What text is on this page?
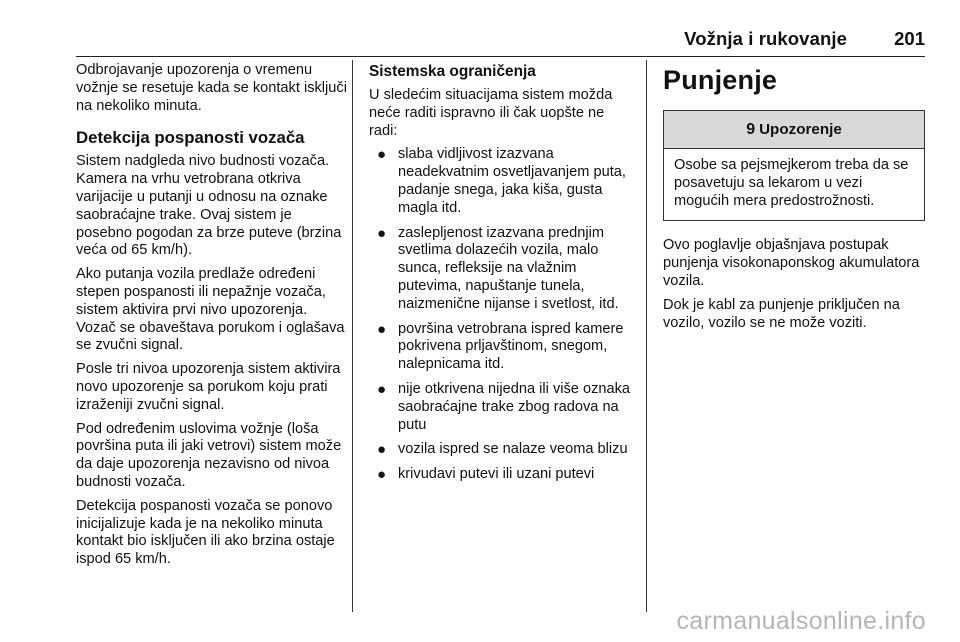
Vožnja i rukovanje	201

Odbrojavanje upozorenja o vremenu vožnje se resetuje kada se kontakt isključi na nekoliko minuta.

Detekcija pospanosti vozača

Sistem nadgleda nivo budnosti vozača. Kamera na vrhu vetrobrana otkriva varijacije u putanji u odnosu na oznake saobraćajne trake. Ovaj sistem je posebno pogodan za brze puteve (brzina veća od 65 km/h).

Ako putanja vozila predlaže određeni stepen pospanosti ili nepažnje vozača, sistem aktivira prvi nivo upozorenja. Vozač se obaveštava porukom i oglašava se zvučni signal.

Posle tri nivoa upozorenja sistem aktivira novo upozorenje sa porukom koju prati izraženiji zvučni signal.

Pod određenim uslovima vožnje (loša površina puta ili jaki vetrovi) sistem može da daje upozorenja nezavisno od nivoa budnosti vozača.

Detekcija pospanosti vozača se ponovo inicijalizuje kada je na nekoliko minuta kontakt bio isključen ili ako brzina ostaje ispod 65 km/h.

Sistemska ograničenja

U sledećim situacijama sistem možda neće raditi ispravno ili čak uopšte ne radi:

● slaba vidljivost izazvana neadekvatnim osvetljavanjem puta, padanje snega, jaka kiša, gusta magla itd.
● zaslepljenost izazvana prednjim svetlima dolazećih vozila, malo sunca, refleksije na vlažnim putevima, napuštanje tunela, naizmenične nijanse i svetlost, itd.
● površina vetrobrana ispred kamere pokrivena prljavštinom, snegom, nalepnicama itd.
● nije otkrivena nijedna ili više oznaka saobraćajne trake zbog radova na putu
● vozila ispred se nalaze veoma blizu
● krivudavi putevi ili uzani putevi
Punjenje
9 Upozorenje
Osobe sa pejsmejkerom treba da se posavetuju sa lekarom u vezi mogućih mera predostrožnosti.

Ovo poglavlje objašnjava postupak punjenja visokonaponskog akumulatora vozila.

Dok je kabl za punjenje priključen na vozilo, vozilo se ne može voziti.

carmanualsonline.info
